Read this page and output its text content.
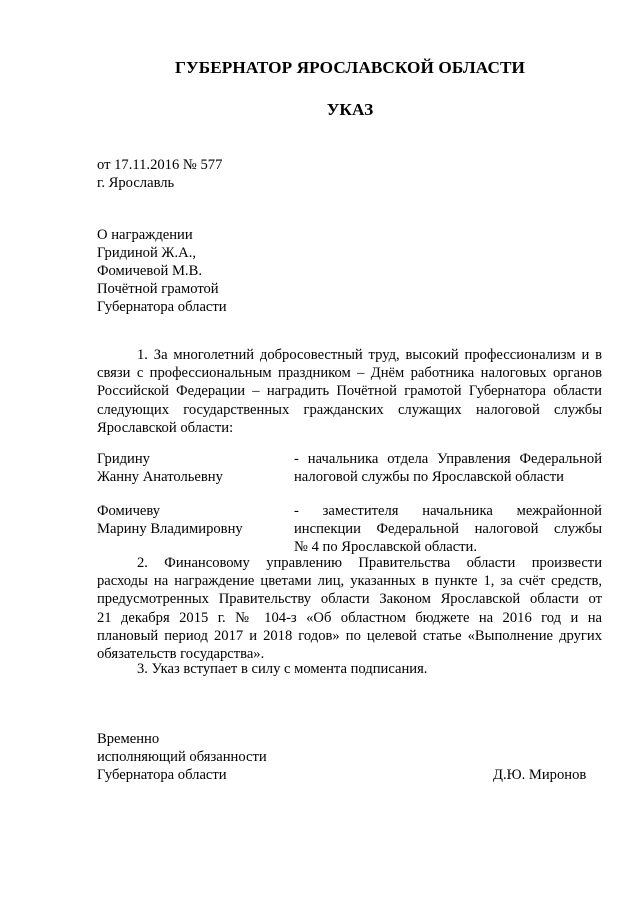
ГУБЕРНАТОР ЯРОСЛАВСКОЙ ОБЛАСТИ
УКАЗ
от 17.11.2016 № 577
г. Ярославль
О награждении
Гридиной Ж.А.,
Фомичевой М.В.
Почётной грамотой
Губернатора области
1. За многолетний добросовестный труд, высокий профессионализм и в
связи с профессиональным праздником – Днём работника налоговых органов
Российской Федерации – наградить Почётной грамотой Губернатора области
следующих государственных гражданских служащих налоговой службы
Ярославской области:
Гридину
Жанну Анатольевну
- начальника отдела Управления Федеральной
налоговой службы по Ярославской области
Фомичеву
Марину Владимировну
-    заместителя    начальника    межрайонной
инспекции Федеральной налоговой службы
№ 4 по Ярославской области.
2. Финансовому управлению Правительства области произвести
расходы на награждение цветами лиц, указанных в пункте 1, за счёт средств,
предусмотренных Правительству области Законом Ярославской области от
21 декабря 2015 г. № 104-з «Об областном бюджете на 2016 год и на
плановый период 2017 и 2018 годов» по целевой статье «Выполнение других
обязательств государства».
3. Указ вступает в силу с момента подписания.
Временно
исполняющий обязанности
Губернатора области	Д.Ю. Миронов
